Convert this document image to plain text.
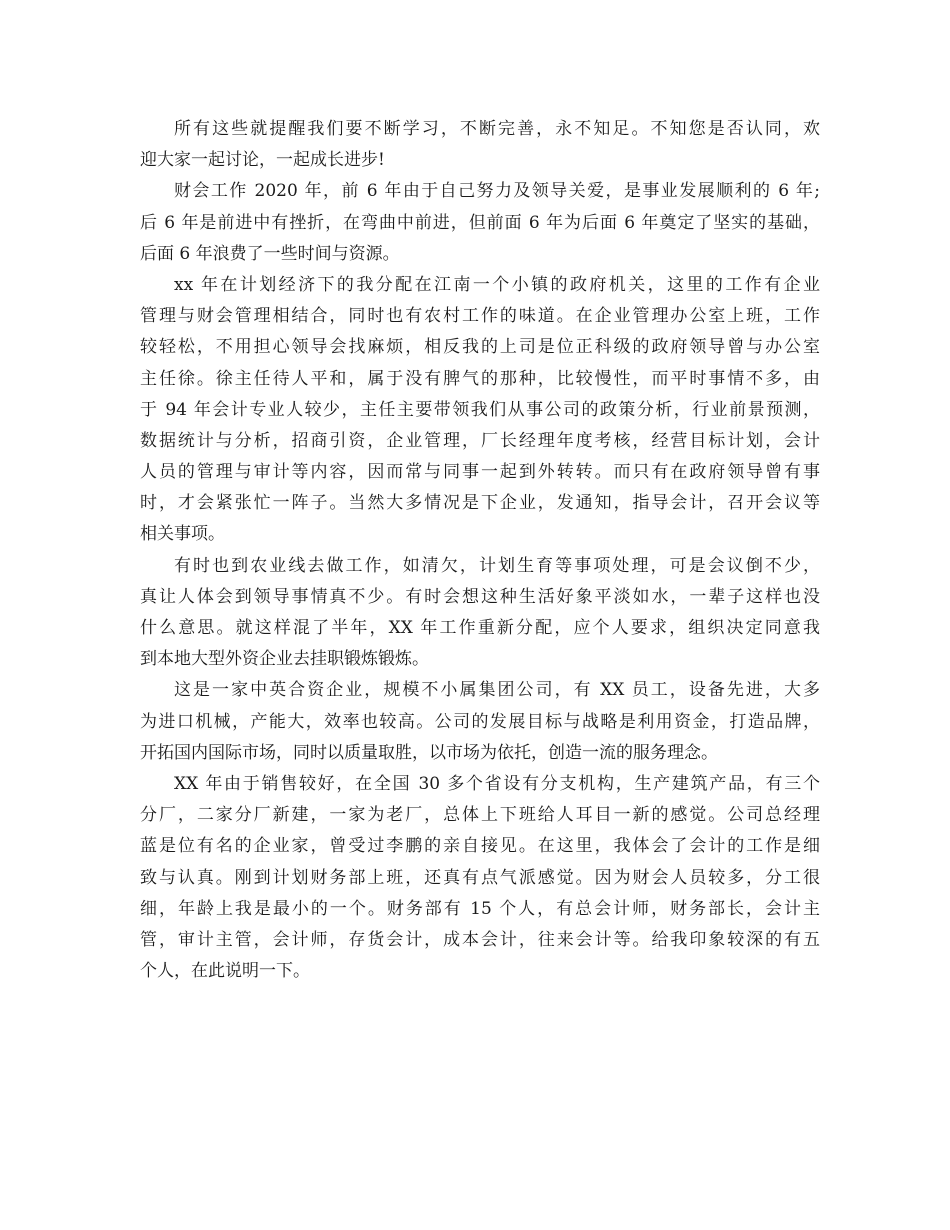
所有这些就提醒我们要不断学习，不断完善，永不知足。不知您是否认同，欢
迎大家一起讨论，一起成长进步!
财会工作 2020 年，前 6 年由于自己努力及领导关爱，是事业发展顺利的 6 年;
后 6 年是前进中有挫折，在弯曲中前进，但前面 6 年为后面 6 年奠定了坚实的基础，
后面 6 年浪费了一些时间与资源。
xx 年在计划经济下的我分配在江南一个小镇的政府机关，这里的工作有企业
管理与财会管理相结合，同时也有农村工作的味道。在企业管理办公室上班，工作
较轻松，不用担心领导会找麻烦，相反我的上司是位正科级的政府领导曾与办公室
主任徐。徐主任待人平和，属于没有脾气的那种，比较慢性，而平时事情不多，由
于 94 年会计专业人较少，主任主要带领我们从事公司的政策分析，行业前景预测，
数据统计与分析，招商引资，企业管理，厂长经理年度考核，经营目标计划，会计
人员的管理与审计等内容，因而常与同事一起到外转转。而只有在政府领导曾有事
时，才会紧张忙一阵子。当然大多情况是下企业，发通知，指导会计，召开会议等
相关事项。
有时也到农业线去做工作，如清欠，计划生育等事项处理，可是会议倒不少，
真让人体会到领导事情真不少。有时会想这种生活好象平淡如水，一辈子这样也没
什么意思。就这样混了半年，XX 年工作重新分配，应个人要求，组织决定同意我
到本地大型外资企业去挂职锻炼锻炼。
这是一家中英合资企业，规模不小属集团公司，有 XX 员工，设备先进，大多
为进口机械，产能大，效率也较高。公司的发展目标与战略是利用资金，打造品牌，
开拓国内国际市场，同时以质量取胜，以市场为依托，创造一流的服务理念。
XX 年由于销售较好，在全国 30 多个省设有分支机构，生产建筑产品，有三个
分厂，二家分厂新建，一家为老厂，总体上下班给人耳目一新的感觉。公司总经理
蓝是位有名的企业家，曾受过李鹏的亲自接见。在这里，我体会了会计的工作是细
致与认真。刚到计划财务部上班，还真有点气派感觉。因为财会人员较多，分工很
细，年龄上我是最小的一个。财务部有 15 个人，有总会计师，财务部长，会计主
管，审计主管，会计师，存货会计，成本会计，往来会计等。给我印象较深的有五
个人，在此说明一下。
